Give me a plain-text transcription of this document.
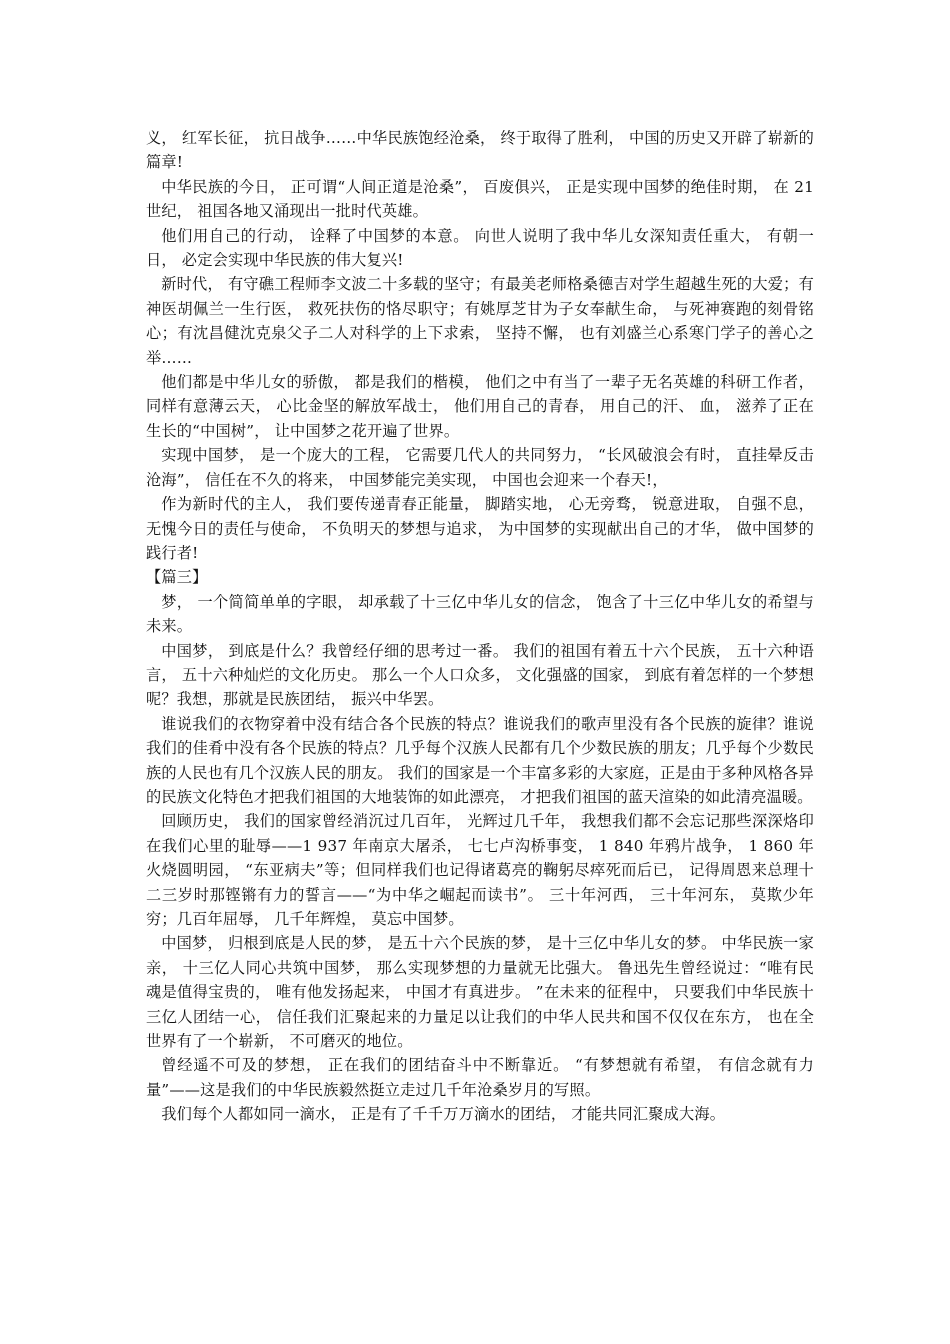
义， 红军长征， 抗日战争……中华民族饱经沧桑， 终于取得了胜利， 中国的历史又开辟了崭新的篇章!

中华民族的今日， 正可谓“人间正道是沧桑”， 百废俱兴， 正是实现中国梦的绝佳时期， 在 21 世纪， 祖国各地又涌现出一批时代英雄。

他们用自己的行动， 诠释了中国梦的本意。 向世人说明了我中华儿女深知责任重大， 有朝一日， 必定会实现中华民族的伟大复兴!

新时代， 有守礁工程师李文波二十多载的坚守；有最美老师格桑德吉对学生超越生死的大爱；有神医胡佩兰一生行医， 救死扶伤的恪尽职守；有姚厚芝甘为子女奉献生命， 与死神赛跑的刻骨铭心；有沈昌健沈克泉父子二人对科学的上下求索， 坚持不懈， 也有刘盛兰心系寒门学子的善心之举……

他们都是中华儿女的骄傲， 都是我们的楷模， 他们之中有当了一辈子无名英雄的科研工作者， 同样有意薄云天， 心比金坚的解放军战士， 他们用自己的青春， 用自己的汗、 血， 滋养了正在生长的“中国树”， 让中国梦之花开遍了世界。

实现中国梦， 是一个庞大的工程， 它需要几代人的共同努力， “长风破浪会有时， 直挂晕反击沧海”， 信任在不久的将来， 中国梦能完美实现， 中国也会迎来一个春天!，

作为新时代的主人， 我们要传递青春正能量， 脚踏实地， 心无旁骛， 锐意进取， 自强不息， 无愧今日的责任与使命， 不负明天的梦想与追求， 为中国梦的实现献出自己的才华， 做中国梦的践行者!

【篇三】

梦， 一个简简单单的字眼， 却承载了十三亿中华儿女的信念， 饱含了十三亿中华儿女的希望与未来。

中国梦， 到底是什么？我曾经仔细的思考过一番。 我们的祖国有着五十六个民族， 五十六种语言， 五十六种灿烂的文化历史。 那么一个人口众多， 文化强盛的国家， 到底有着怎样的一个梦想呢？我想，那就是民族团结， 振兴中华罢。

谁说我们的衣物穿着中没有结合各个民族的特点？谁说我们的歌声里没有各个民族的旋律？谁说我们的佳肴中没有各个民族的特点？几乎每个汉族人民都有几个少数民族的朋友；几乎每个少数民族的人民也有几个汉族人民的朋友。 我们的国家是一个丰富多彩的大家庭，正是由于多种风格各异的民族文化特色才把我们祖国的大地装饰的如此漂亮， 才把我们祖国的蓝天渲染的如此清亮温暖。

回顾历史， 我们的国家曾经消沉过几百年， 光辉过几千年， 我想我们都不会忘记那些深深烙印在我们心里的耻辱——1 937 年南京大屠杀， 七七卢沟桥事变， 1 840 年鸦片战争， 1 860 年火烧圆明园， “东亚病夫”等；但同样我们也记得诸葛亮的鞠躬尽瘁死而后已， 记得周恩来总理十二三岁时那铿锵有力的誓言——“为中华之崛起而读书”。 三十年河西， 三十年河东， 莫欺少年穷；几百年屈辱， 几千年辉煌， 莫忘中国梦。

中国梦， 归根到底是人民的梦， 是五十六个民族的梦， 是十三亿中华儿女的梦。 中华民族一家亲， 十三亿人同心共筑中国梦， 那么实现梦想的力量就无比强大。 鲁迅先生曾经说过：“唯有民魂是值得宝贵的， 唯有他发扬起来， 中国才有真进步。 ”在未来的征程中， 只要我们中华民族十三亿人团结一心， 信任我们汇聚起来的力量足以让我们的中华人民共和国不仅仅在东方， 也在全世界有了一个崭新， 不可磨灭的地位。

曾经遥不可及的梦想， 正在我们的团结奋斗中不断靠近。 “有梦想就有希望， 有信念就有力量”——这是我们的中华民族毅然挺立走过几千年沧桑岁月的写照。

我们每个人都如同一滴水， 正是有了千千万万滴水的团结， 才能共同汇聚成大海。
